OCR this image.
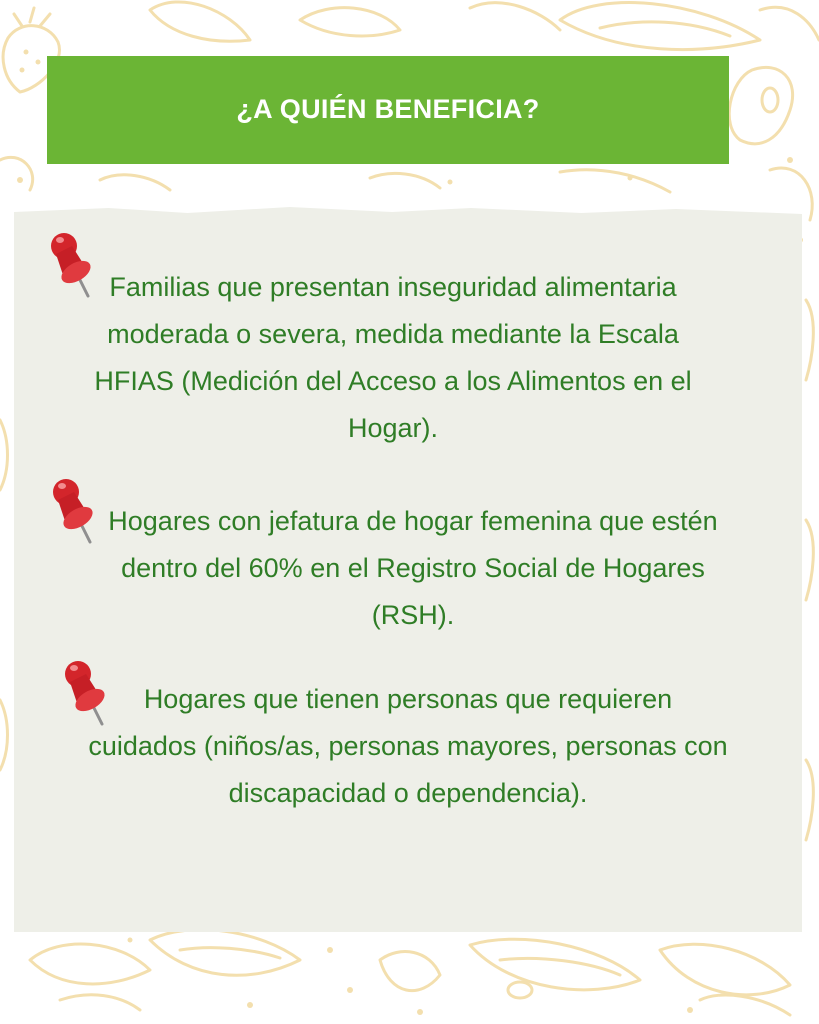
¿A QUIÉN BENEFICIA?
Familias que presentan inseguridad alimentaria moderada o severa, medida mediante la Escala HFIAS (Medición del Acceso a los Alimentos en el Hogar).
Hogares con jefatura de hogar femenina que estén dentro del 60% en el Registro Social de Hogares (RSH).
Hogares que tienen personas que requieren cuidados (niños/as, personas mayores, personas con discapacidad o dependencia).
